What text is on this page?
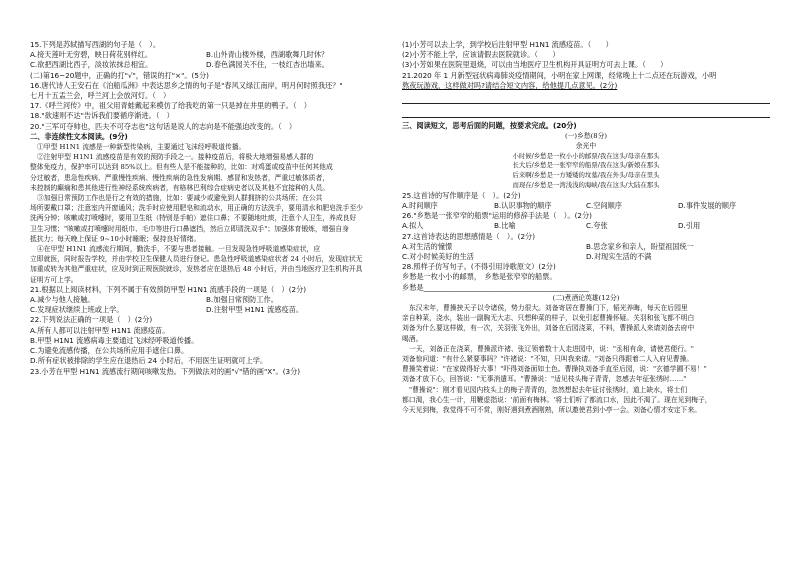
15.下列是苏轼描写西湖的句子是（　）。
A.接天莲叶无穷碧，映日荷花别样红。	B.山外青山楼外楼，西湖歌舞几时休？
C.欲把西湖比西子，淡妆浓抹总相宜。	D.春色满园关不住，一枝红杏出墙来。
(二)第16~20题中，正确的打"√"，错误的打"×"。(5分)
16.唐代诗人王安石在《泊船瓜洲》中表达思乡之情的句子是"春风又绿江南岸，明月何时照我还？"
七月十五盂兰会，呼兰河上会放河灯。（　）
17.《呼兰河传》中，祖父用青蛙戴起来模仿了给我吃的第一只是掉在井里的鸭子。（　）
18."欲速则不达"告诉我们要循序渐进。（　）
20."三军可夺帅也，匹夫不可夺志也"这句话是说人的志向是不能强迫改变的。（　）
二、非连续性文本阅读。(9分)
①甲型 H1N1 流感是一种新型传染病，主要通过飞沫经呼吸道传播。
②注射甲型 H1N1 流感疫苗是有效的预防手段之一。接种疫苗后，将极大地增强易感人群的
整体免疫力，保护率可以达到 85%以上。但有些人是不能接种的，比如：对鸡蛋或疫苗中任何其他成
分过敏者，患急性疾病、严重慢性疾病、慢性疾病的急性发病期、感冒和发热者，严重过敏体质者，
未控制的癫痫和患其他进行性神经系统疾病者，有格林巴利综合症病史者以及其他不宜接种的人员。
③加强日常预防工作也是行之有效的措施，比如：要减少或避免到人群拥挤的公共场所；在公共
场所要戴口罩；注意室内开窗通风；洗手时应使用肥皂和流动水，用正确的方法洗手，要用清水和肥皂洗手至少
洗两分钟；咳嗽或打喷嚏时，要用卫生纸（特别是手帕）遮住口鼻；不要随地吐痰，注意个人卫生，养成良好
卫生习惯；"咳嗽或打喷嚏时用纸巾、毛巾等进行口鼻遮挡，然后立即清洗双手"；加强体育锻炼，增强自身
抵抗力；每天晚上保证 9~10小时睡眠；保持良好情绪。
④在甲型 H1N1 流感流行期间，勤洗手，不要与患者接触。一旦发现急性呼吸道感染症状，应
立即就医，同时报告学校，并由学校卫生保健人员进行登记。患急性呼吸道感染症状者 24 小时后，发现症状无
加重或转为其他严重症状，应及时到正规医院就诊，发热者应在退热后 48 小时后，并由当地医疗卫生机构开具
证明方可上学。
21.根据以上阅读材料，下列不属于有效预防甲型 H1N1 流感手段的一项是（　）(2分)
A.减少与他人接触。	B.加强日常预防工作。
C.发现症状继续上班或上学。	D.注射甲型 H1N1 流感疫苗。
22.下列说法正确的一项是（　）(2分)
A.所有人都可以注射甲型 H1N1 流感疫苗。
B.甲型 H1N1 流感病毒主要通过飞沫经呼吸道传播。
C.为避免流感传播，在公共场所应用手遮住口鼻。
D.所有症状被排除的学生应在退热后 24 小时后，不用医生证明就可上学。
23.小芳在甲型 H1N1 流感流行期间咳嗽发热。下列做法对的画"√"错的画"X"。(3分)
(1)小芳可以去上学，到学校后注射甲型 H1N1 流感疫苗。（　　）
(2)小芳不能上学，应该请假去医院就诊。（　　）
(3)小芳如果在医院里退烧，可以由当地医疗卫生机构开具证明方可去上课。（　　）
21.2020 年 1 月新型冠状病毒肺炎疫情期间，小明在家上网课，经常晚上十二点还在玩游戏，小明
熬夜玩游戏，这样做对吗?请结合短文内容，给他提几点意见。(2分)
三、阅读短文，思考后面的问题，按要求完成。(20分)
(一)乡愁(8分)
余光中
小时候/乡愁是一枚小小的邮票/我在这头/母亲在那头
长大后/乡愁是一张窄窄的船票/我在这头/新娘在那头
后来啊/乡愁是一方矮矮的坟墓/我在外头/母亲在里头
而现在/乡愁是一湾浅浅的海峡/我在这头/大陆在那头
25.这首诗的写作顺序是（　）。(2分)
A.时间顺序	B.认识事物的顺序	C.空间顺序	D.事件发展的顺序
26."乡愁是一张窄窄的船票"运用的修辞手法是（　）。(2分)
A.拟人	B.比喻	C.夸张	D.引用
27.这首诗表达的思想感情是（　）。(2分)
A.对生活的憧憬	B.思念家乡和亲人，盼望祖国统一
C.对小时候美好的生活	D.对现实生活的不满
28.照样子仿写句子。(不得引用诗歌原文）(2分)
乡愁是一枚小小的邮票，　乡愁是张窄窄的船票。
乡愁是______________________________________________
(二)煮酒论英雄(12分)
东汉末年，曹操挟天子以令诸侯，势力很大。刘备寄居在曹操门下，韬光养晦，每天在后园里
亲自种菜，浇水，装出一副胸无大志、只想种菜的样子，以免引起曹操怀疑。关羽和张飞都不明白
刘备为什么要这样做，有一次，关羽张飞外出，刘备在后园浇菜，不料，曹操派人来请刘备去府中
喝酒。
一天，刘备正在浇菜，曹操派许褚、张辽领着数十人走进园中，说："丞相有命，请使君便行。"
刘备惊问道："有什么紧要事吗？"许褚说："不知，只叫我来请。"刘备只得跟着二人入府见曹操。
曹操笑着说："在家做得好大事！"吓得刘备面如土色。曹操执刘备手直至后园，说："玄德学圃不易！"
刘备才放下心，回答说："无事消遣耳。"曹操说："适见枝头梅子青青，忽感去年征张绣时……"
"曹操说"：刚才看见园内枝头上的梅子青青的，忽然想起去年征讨张绣时，道上缺水，将士们
都口渴，我心生一计，用鞭虚指说：'前面有梅林。'将士们听了都流口水，因此不渴了。现在见到梅子，
今天见到梅，我觉得不可不赏，刚好遇到煮酒刚熟，所以邀使君到小亭一会。刘备心情才安定下来。
